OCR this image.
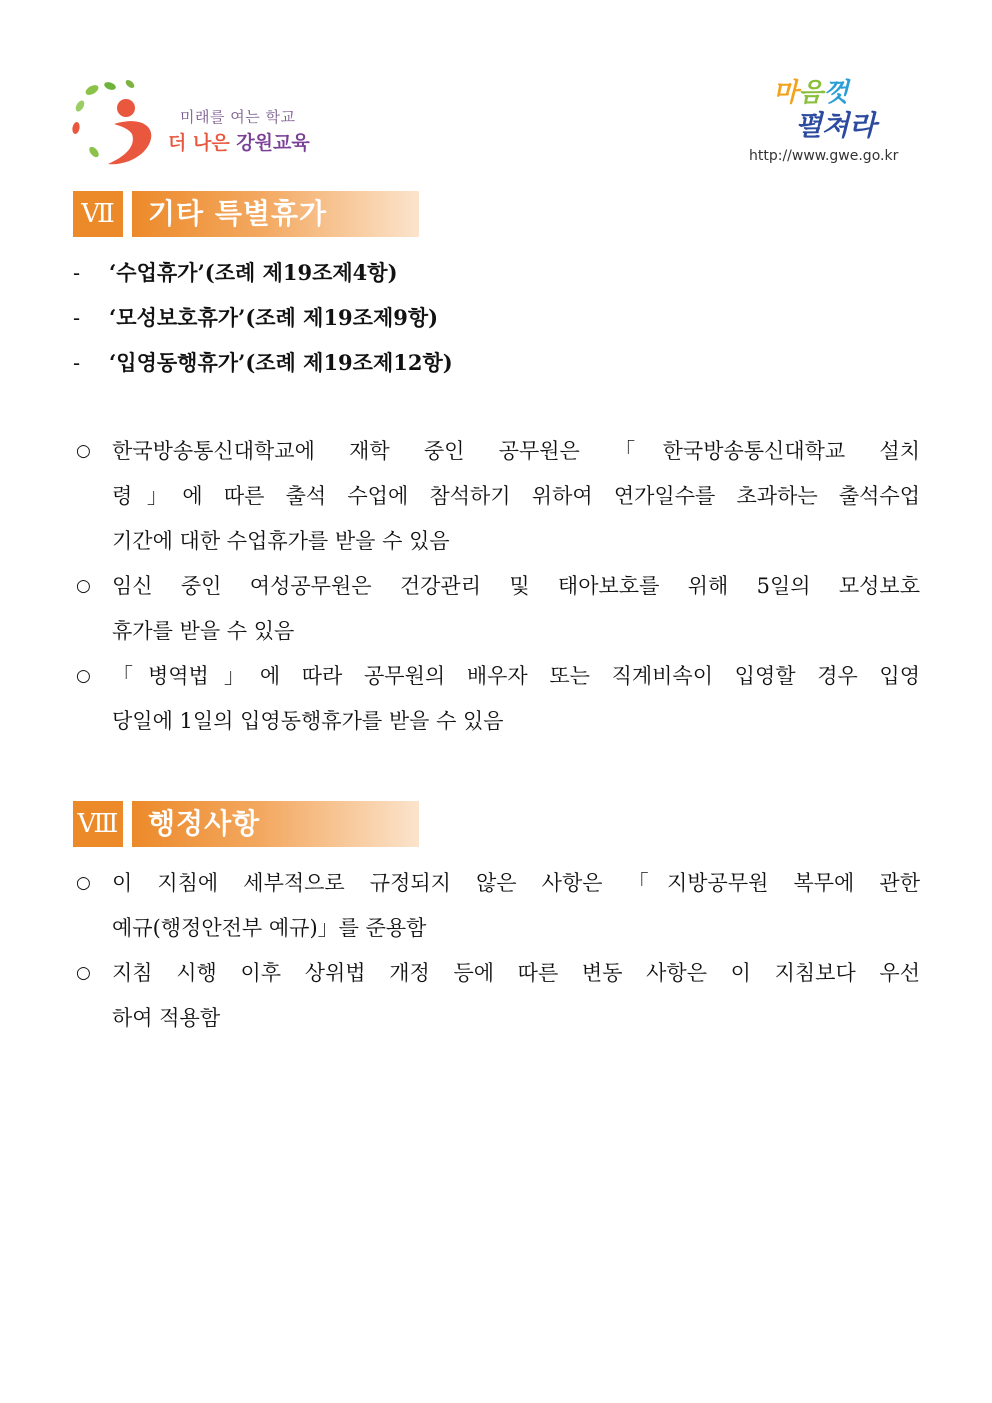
미래를 여는 학교
더 나은 강원교육
마음껏
펼쳐라
http://www.gwe.go.kr
Ⅶ	기타 특별휴가
- ‘수업휴가’(조례 제19조제4항)
- ‘모성보호휴가’(조례 제19조제9항)
- ‘입영동행휴가’(조례 제19조제12항)
○ 한국방송통신대학교에 재학 중인 공무원은 「한국방송통신대학교 설치
령」에 따른 출석 수업에 참석하기 위하여 연가일수를 초과하는 출석수업
기간에 대한 수업휴가를 받을 수 있음
○ 임신 중인 여성공무원은 건강관리 및 태아보호를 위해 5일의 모성보호
휴가를 받을 수 있음
○ 「병역법」에 따라 공무원의 배우자 또는 직계비속이 입영할 경우 입영
당일에 1일의 입영동행휴가를 받을 수 있음
Ⅷ	행정사항
○ 이 지침에 세부적으로 규정되지 않은 사항은 「지방공무원 복무에 관한
예규(행정안전부 예규)」를 준용함
○ 지침 시행 이후 상위법 개정 등에 따른 변동 사항은 이 지침보다 우선
하여 적용함
